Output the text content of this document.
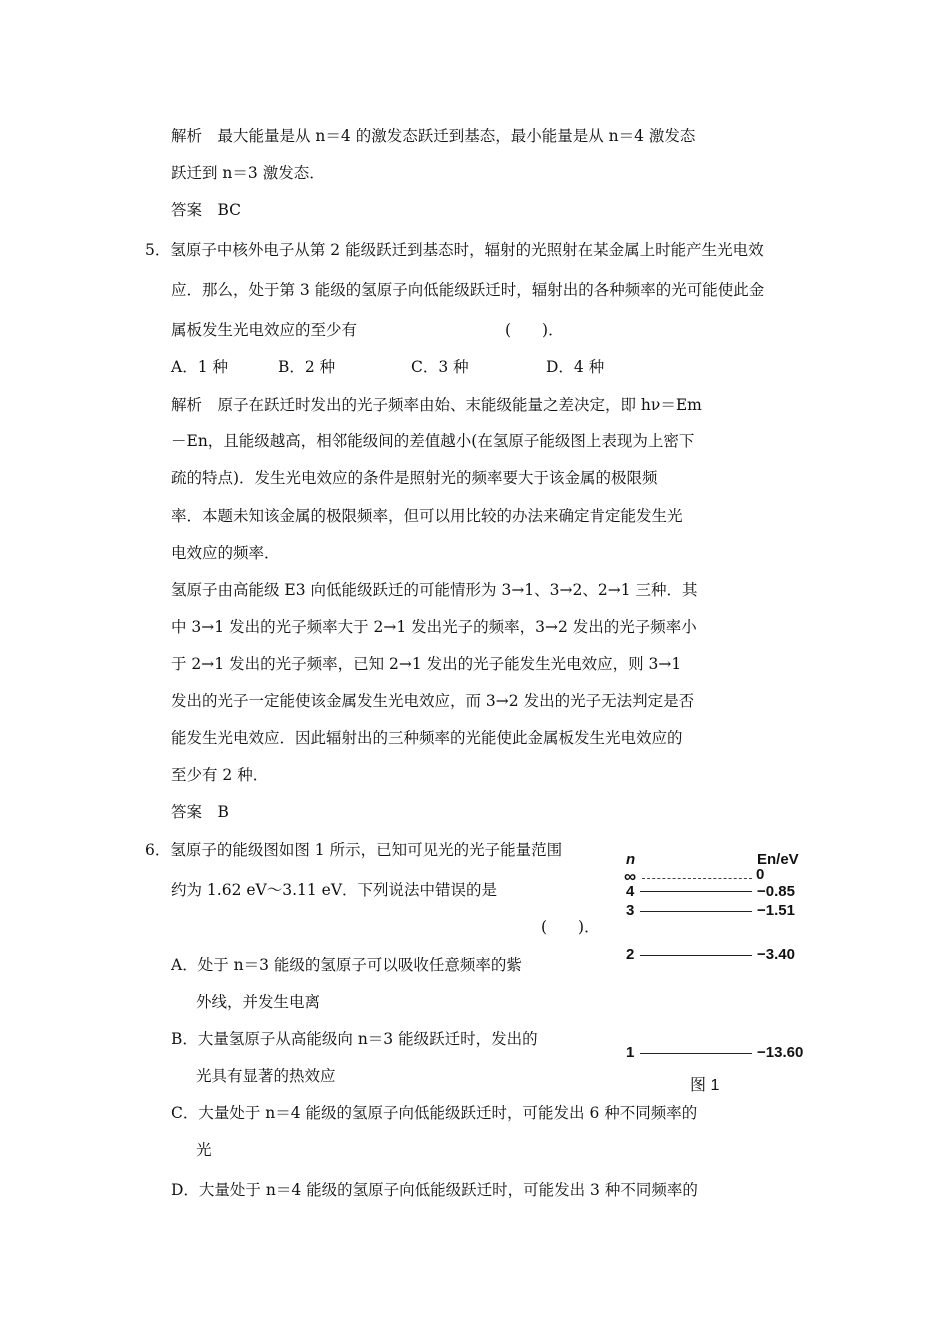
解析　最大能量是从 n＝4 的激发态跃迁到基态，最小能量是从 n＝4 激发态
跃迁到 n＝3 激发态．
答案　BC
5．氢原子中核外电子从第 2 能级跃迁到基态时，辐射的光照射在某金属上时能产生光电效
应．那么，处于第 3 能级的氢原子向低能级跃迁时，辐射出的各种频率的光可能使此金
属板发生光电效应的至少有	(　　)．
A．1 种	B．2 种	C．3 种	D．4 种
解析　原子在跃迁时发出的光子频率由始、末能级能量之差决定，即 hν＝Em
－En，且能级越高，相邻能级间的差值越小(在氢原子能级图上表现为上密下
疏的特点)．发生光电效应的条件是照射光的频率要大于该金属的极限频
率．本题未知该金属的极限频率，但可以用比较的办法来确定肯定能发生光
电效应的频率．
氢原子由高能级 E3 向低能级跃迁的可能情形为 3→1、3→2、2→1 三种．其
中 3→1 发出的光子频率大于 2→1 发出光子的频率，3→2 发出的光子频率小
于 2→1 发出的光子频率，已知 2→1 发出的光子能发生光电效应，则 3→1
发出的光子一定能使该金属发生光电效应，而 3→2 发出的光子无法判定是否
能发生光电效应．因此辐射出的三种频率的光能使此金属板发生光电效应的
至少有 2 种．
答案　B
6．氢原子的能级图如图 1 所示，已知可见光的光子能量范围
约为 1.62 eV～3.11 eV．下列说法中错误的是
(　　)．
A．处于 n＝3 能级的氢原子可以吸收任意频率的紫
外线，并发生电离
B．大量氢原子从高能级向 n＝3 能级跃迁时，发出的
光具有显著的热效应
C．大量处于 n＝4 能级的氢原子向低能级跃迁时，可能发出 6 种不同频率的
光
D．大量处于 n＝4 能级的氢原子向低能级跃迁时，可能发出 3 种不同频率的
n	En/eV
∞	0
4	−0.85
3	−1.51
2	−3.40
1	−13.60
图 1
